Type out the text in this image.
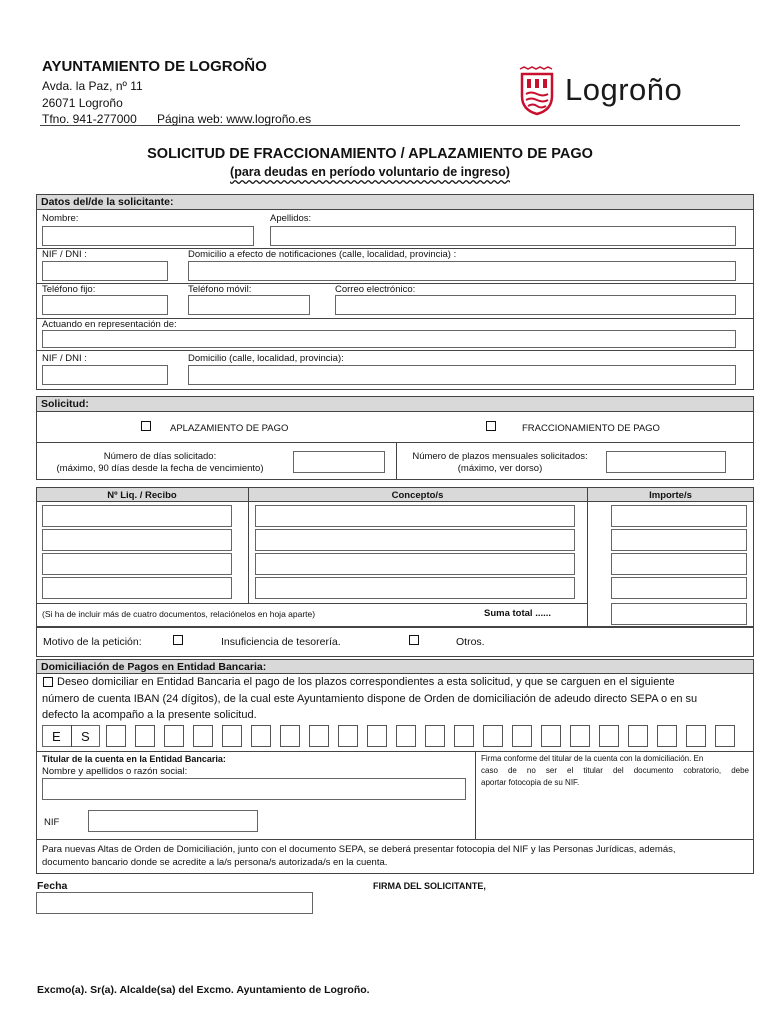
AYUNTAMIENTO DE LOGROÑO
Avda. la Paz, nº 11
26071 Logroño
Tfno. 941-277000 Página web: www.logroño.es
Logroño
SOLICITUD DE FRACCIONAMIENTO / APLAZAMIENTO DE PAGO
(para deudas en período voluntario de ingreso)
Datos del/de la solicitante:
Nombre:	Apellidos:
NIF / DNI :	Domicilio a efecto de notificaciones (calle, localidad, provincia) :
Teléfono fijo:	Teléfono móvil:	Correo electrónico:
Actuando en representación de:
NIF / DNI :	Domicilio (calle, localidad, provincia):
Solicitud:
APLAZAMIENTO DE PAGO	FRACCIONAMIENTO DE PAGO
Número de días solicitado:
(máximo, 90 días desde la fecha de vencimiento)
Número de plazos mensuales solicitados:
(máximo, ver dorso)
Nº Liq. / Recibo	Concepto/s	Importe/s
(Si ha de incluir más de cuatro documentos, relaciónelos en hoja aparte)	Suma total ......
Motivo de la petición:	Insuficiencia de tesorería.	Otros.
Domiciliación de Pagos en Entidad Bancaria:
Deseo domiciliar en Entidad Bancaria el pago de los plazos correspondientes a esta solicitud, y que se carguen en el siguiente
número de cuenta IBAN (24 dígitos), de la cual este Ayuntamiento dispone de Orden de domiciliación de adeudo directo SEPA o en su
defecto la acompaño a la presente solicitud.
E S
Titular de la cuenta en la Entidad Bancaria:
Nombre y apellidos o razón social:
NIF
Firma conforme del titular de la cuenta con la domiciliación. En
caso de no ser el titular del documento cobratorio, debe
aportar fotocopia de su NIF.
Para nuevas Altas de Orden de Domiciliación, junto con el documento SEPA, se deberá presentar fotocopia del NIF y las Personas Jurídicas, además,
documento bancario donde se acredite a la/s persona/s autorizada/s en la cuenta.
Fecha	FIRMA DEL SOLICITANTE,
Excmo(a). Sr(a). Alcalde(sa) del Excmo. Ayuntamiento de Logroño.
